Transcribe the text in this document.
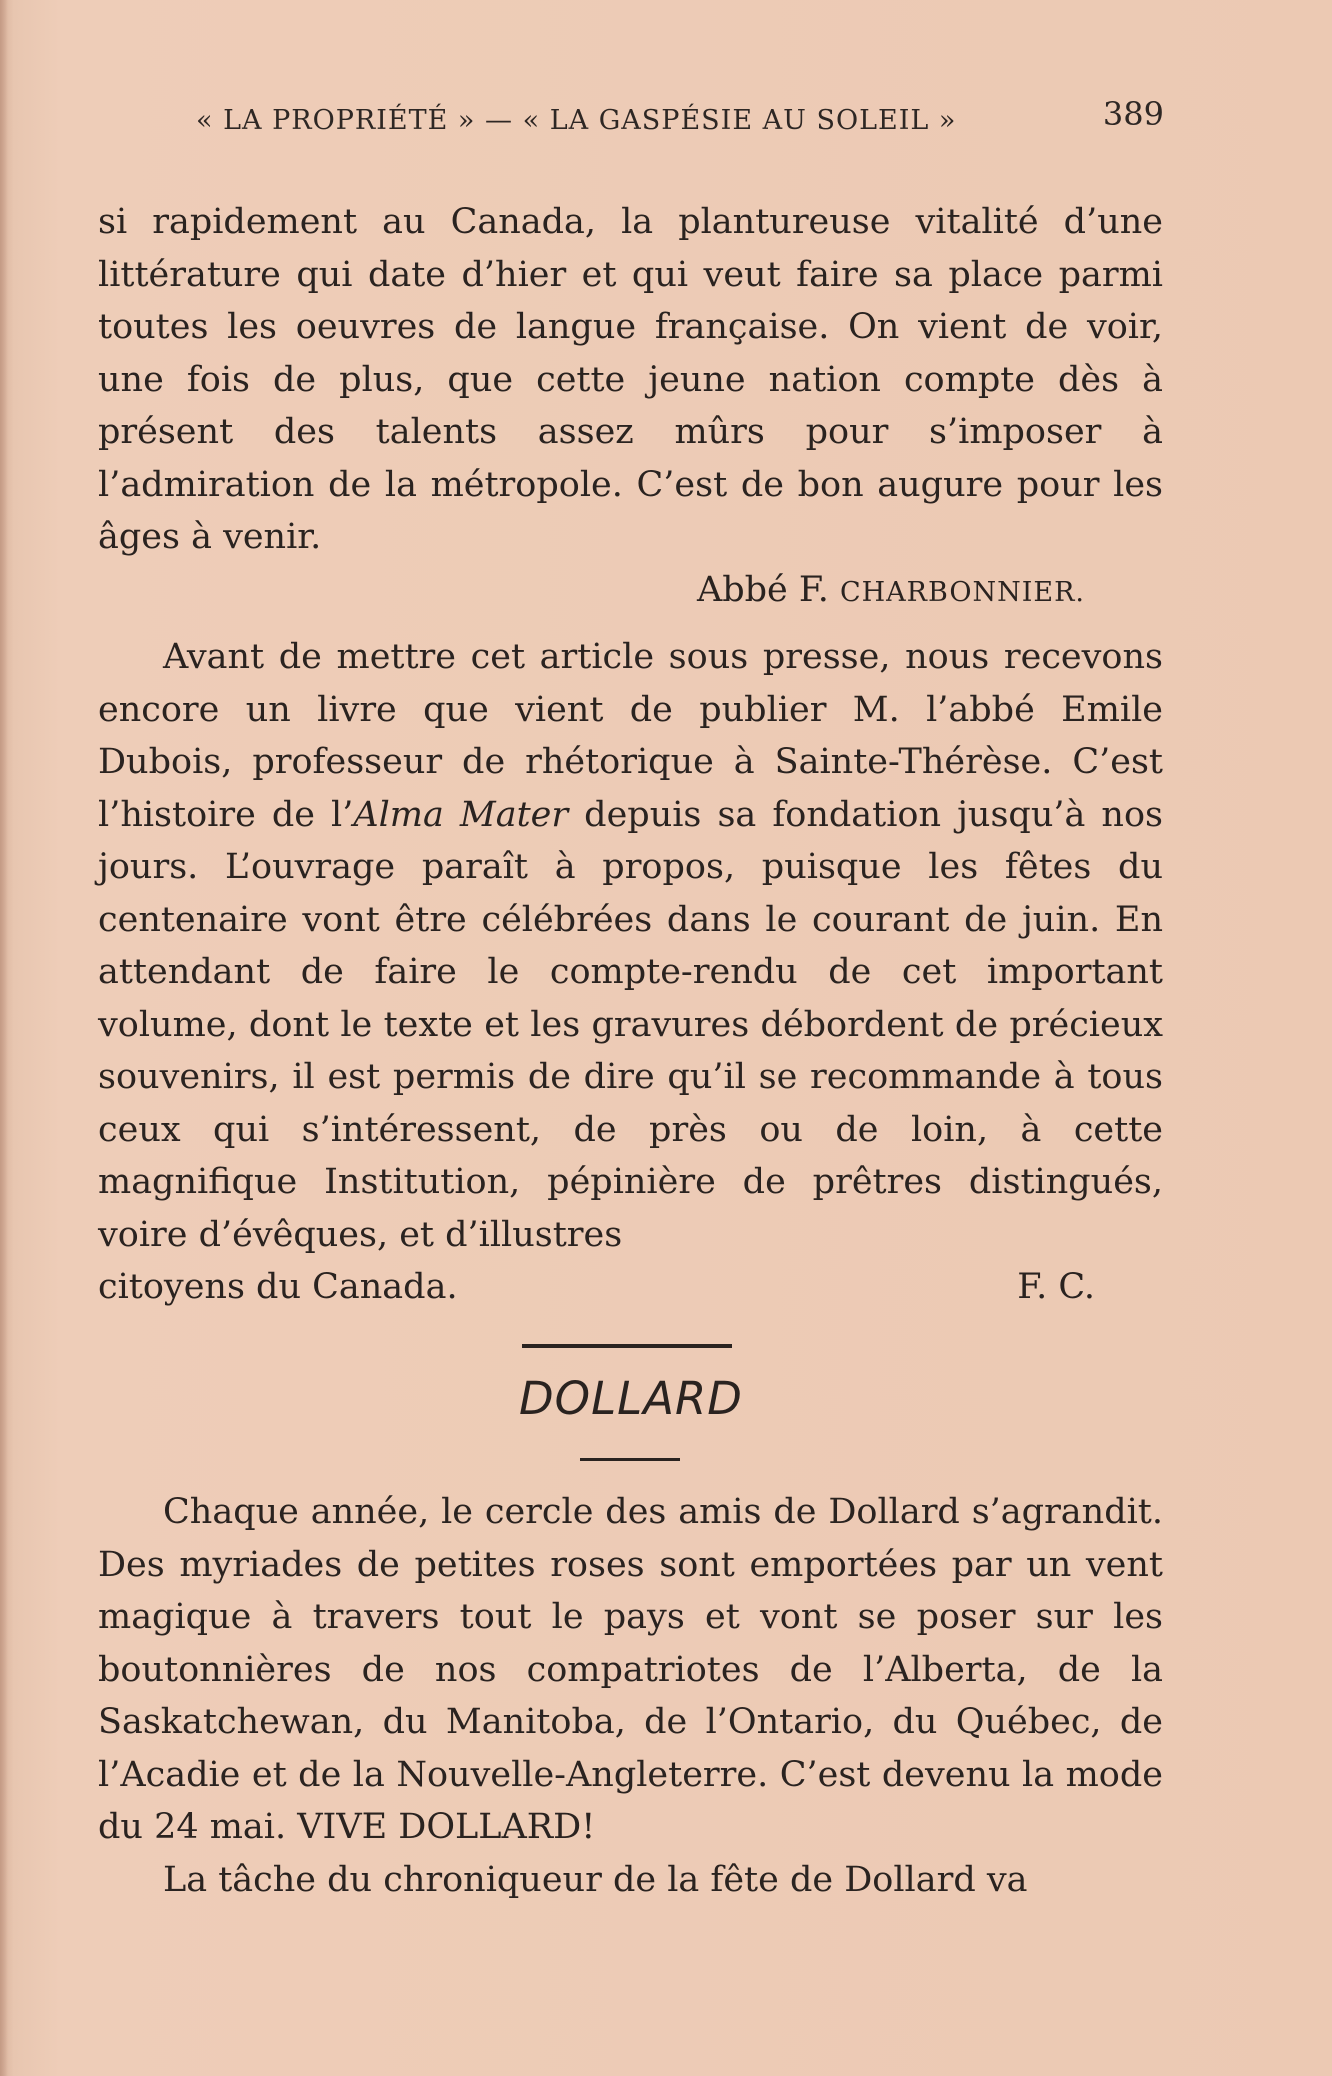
« LA PROPRIÉTÉ » — « LA GASPÉSIE AU SOLEIL »	389

si rapidement au Canada, la plantureuse vitalité d’une littérature qui date d’hier et qui veut faire sa place parmi toutes les oeuvres de langue française. On vient de voir, une fois de plus, que cette jeune nation compte dès à présent des talents assez mûrs pour s’imposer à l’admiration de la métropole. C’est de bon augure pour les âges à venir.

Abbé F. CHARBONNIER.

Avant de mettre cet article sous presse, nous recevons encore un livre que vient de publier M. l’abbé Emile Dubois, professeur de rhétorique à Sainte-Thérèse. C’est l’histoire de l’Alma Mater depuis sa fondation jusqu’à nos jours. L’ouvrage paraît à propos, puisque les fêtes du centenaire vont être célébrées dans le courant de juin. En attendant de faire le compte-rendu de cet important volume, dont le texte et les gravures débordent de précieux souvenirs, il est permis de dire qu’il se recommande à tous ceux qui s’intéressent, de près ou de loin, à cette magnifique Institution, pépinière de prêtres distingués, voire d’évêques, et d’illustres

citoyens du Canada.	F. C.

DOLLARD

Chaque année, le cercle des amis de Dollard s’agrandit. Des myriades de petites roses sont emportées par un vent magique à travers tout le pays et vont se poser sur les boutonnières de nos compatriotes de l’Alberta, de la Saskatchewan, du Manitoba, de l’Ontario, du Québec, de l’Acadie et de la Nouvelle-Angleterre. C’est devenu la mode du 24 mai. VIVE DOLLARD!

La tâche du chroniqueur de la fête de Dollard va
